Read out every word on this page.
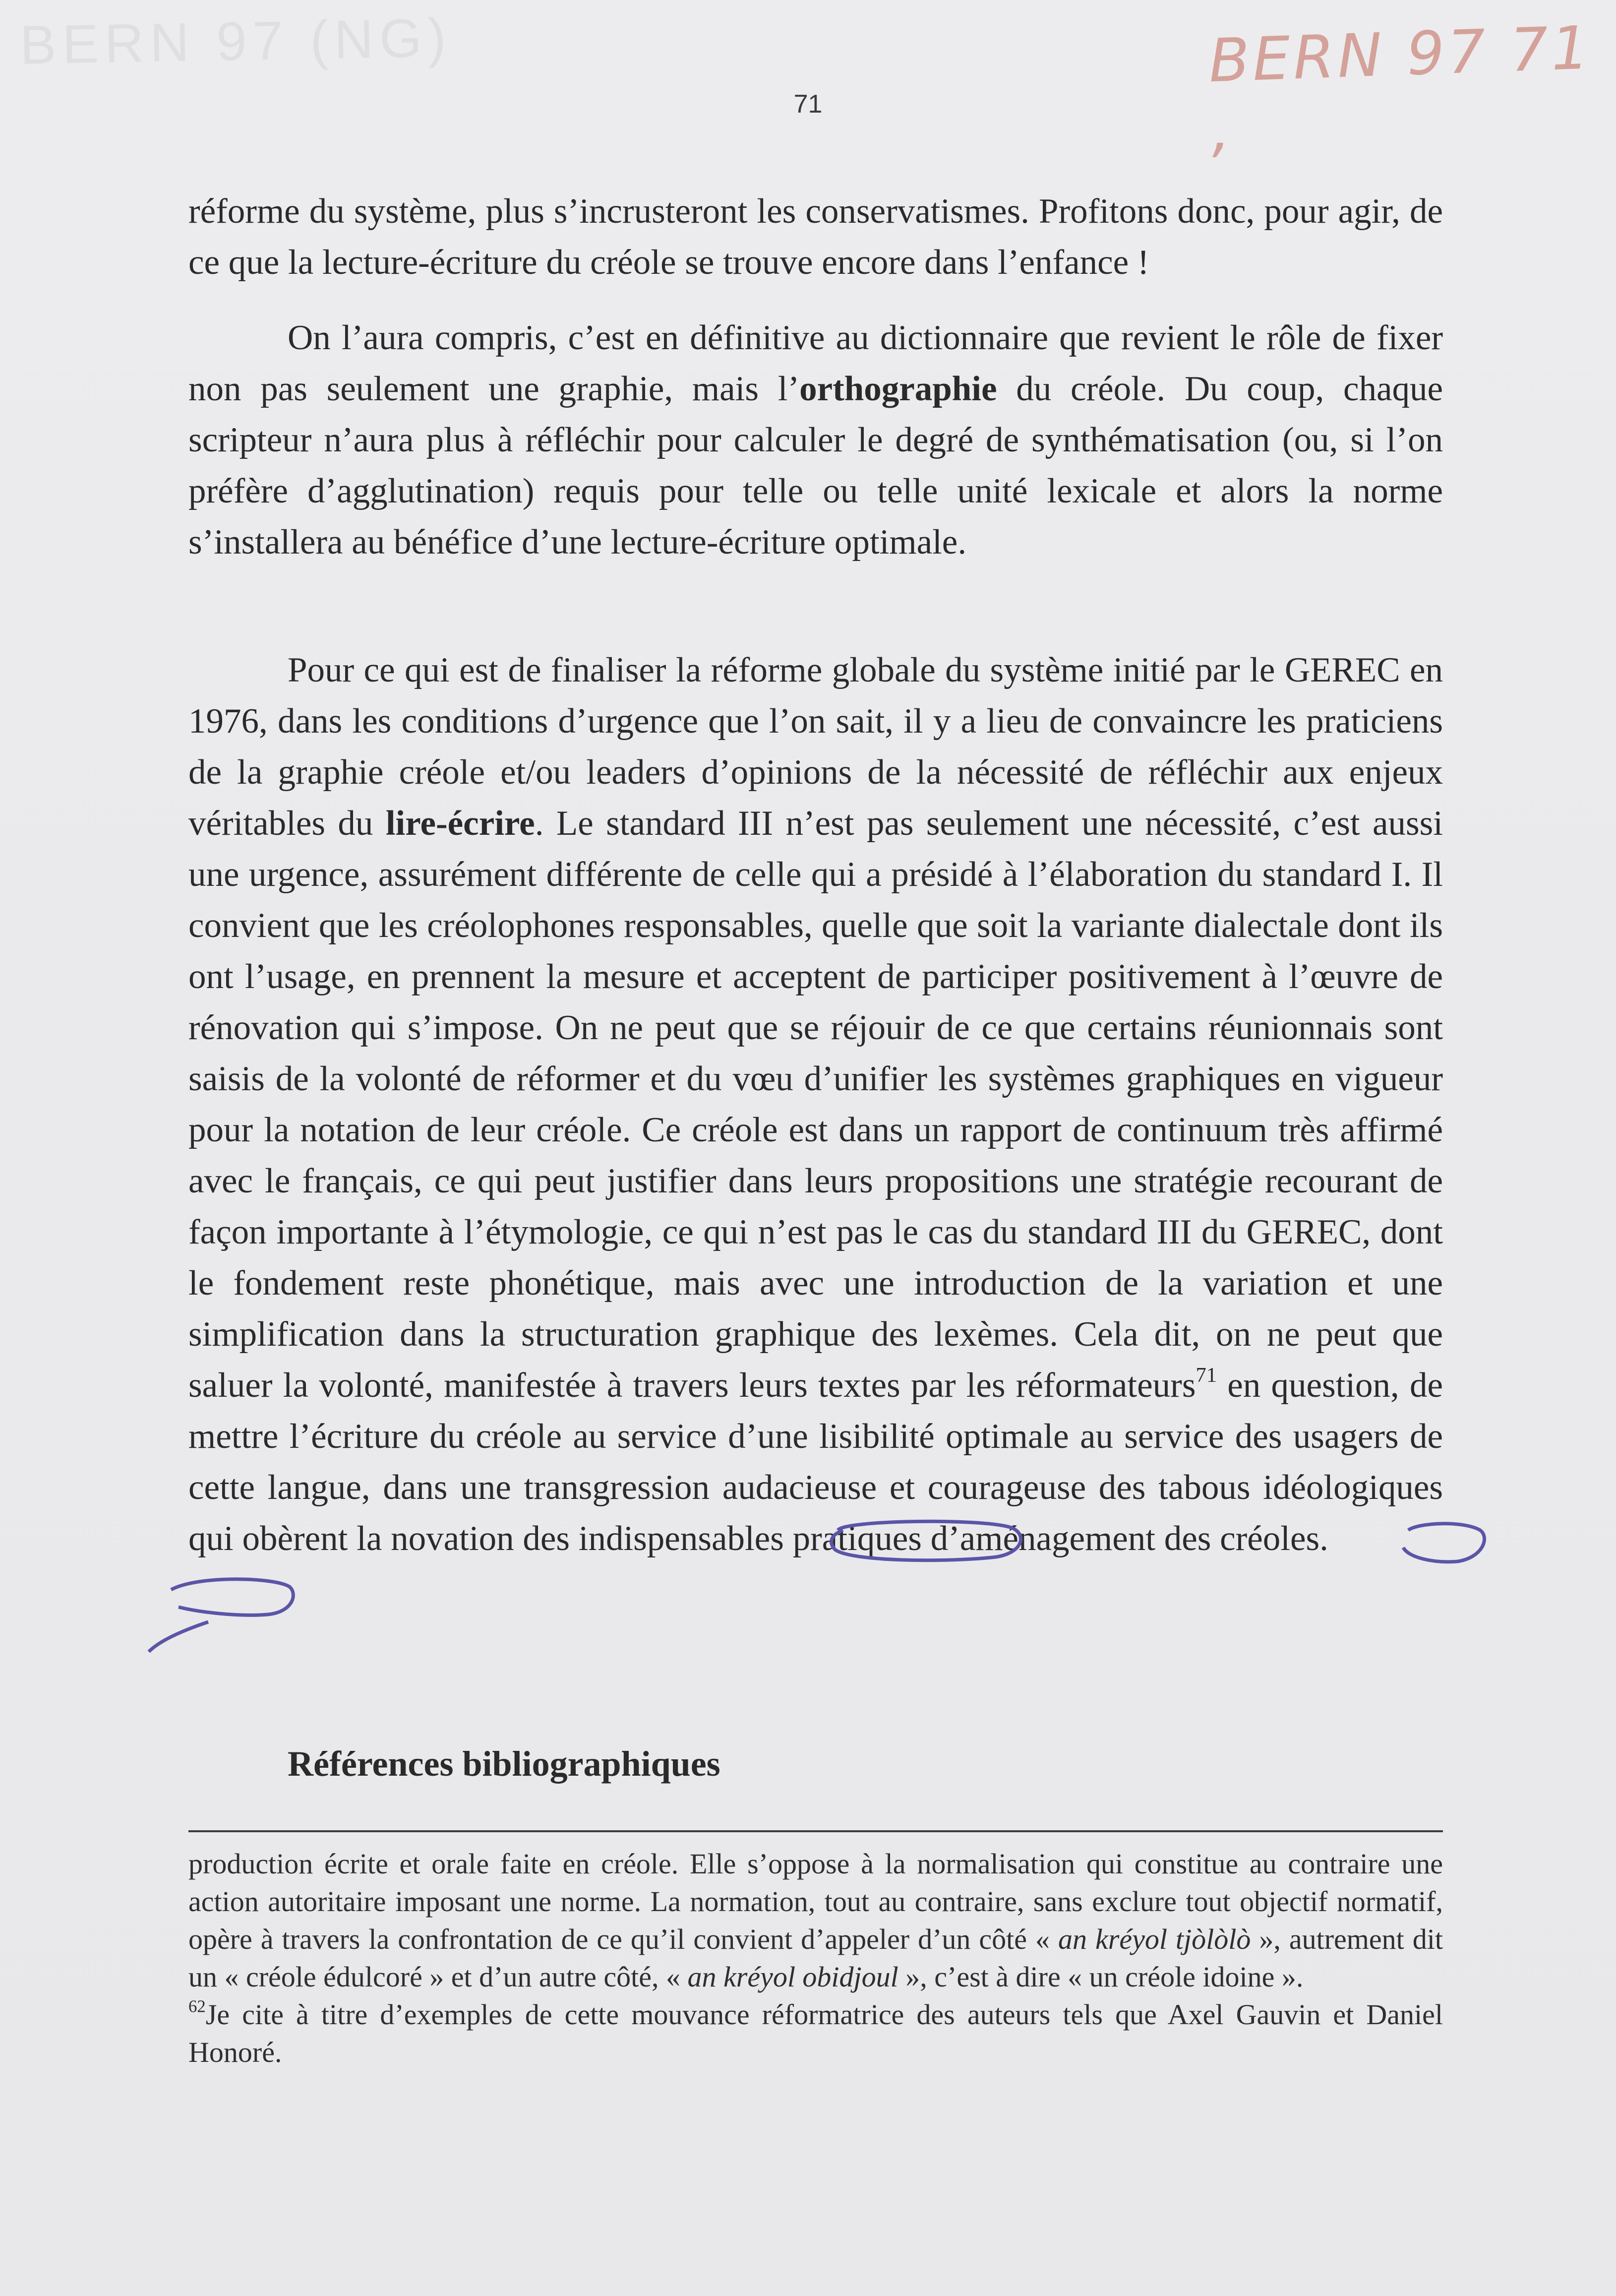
BERN 97 (NG)	BERN 97 71 ,
71

réforme du système, plus s’incrusteront les conservatismes. Profitons donc, pour agir, de ce que la lecture-écriture du créole se trouve encore dans l’enfance !

On l’aura compris, c’est en définitive au dictionnaire que revient le rôle de fixer non pas seulement une graphie, mais l’orthographie du créole. Du coup, chaque scripteur n’aura plus à réfléchir pour calculer le degré de synthématisation (ou, si l’on préfère d’agglutination) requis pour telle ou telle unité lexicale et alors la norme s’installera au bénéfice d’une lecture-écriture optimale.

Pour ce qui est de finaliser la réforme globale du système initié par le GEREC en 1976, dans les conditions d’urgence que l’on sait, il y a lieu de convaincre les praticiens de la graphie créole et/ou leaders d’opinions de la nécessité de réfléchir aux enjeux véritables du lire-écrire. Le standard III n’est pas seulement une nécessité, c’est aussi une urgence, assurément différente de celle qui a présidé à l’élaboration du standard I. Il convient que les créolophones responsables, quelle que soit la variante dialectale dont ils ont l’usage, en prennent la mesure et acceptent de participer positivement à l’œuvre de rénovation qui s’impose. On ne peut que se réjouir de ce que certains réunionnais sont saisis de la volonté de réformer et du vœu d’unifier les systèmes graphiques en vigueur pour la notation de leur créole. Ce créole est dans un rapport de continuum très affirmé avec le français, ce qui peut justifier dans leurs propositions une stratégie recourant de façon importante à l’étymologie, ce qui n’est pas le cas du standard III du GEREC, dont le fondement reste phonétique, mais avec une introduction de la variation et une simplification dans la structuration graphique des lexèmes. Cela dit, on ne peut que saluer la volonté, manifestée à travers leurs textes par les réformateurs$^{71}$ en question, de mettre l’écriture du créole au service d’une lisibilité optimale au service des usagers de cette langue, dans une transgression audacieuse et courageuse des tabous idéologiques qui obèrent la novation des indispensables pratiques d’aménagement des créoles.

Références bibliographiques

production écrite et orale faite en créole. Elle s’oppose à la normalisation qui constitue au contraire une action autoritaire imposant une norme. La normation, tout au contraire, sans exclure tout objectif normatif, opère à travers la confrontation de ce qu’il convient d’appeler d’un côté « an kréyol tjòlòlò », autrement dit un « créole édulcoré » et d’un autre côté, « an kréyol obidjoul », c’est à dire « un créole idoine ».

$^{62}$Je cite à titre d’exemples de cette mouvance réformatrice des auteurs tels que Axel Gauvin et Daniel Honoré.
